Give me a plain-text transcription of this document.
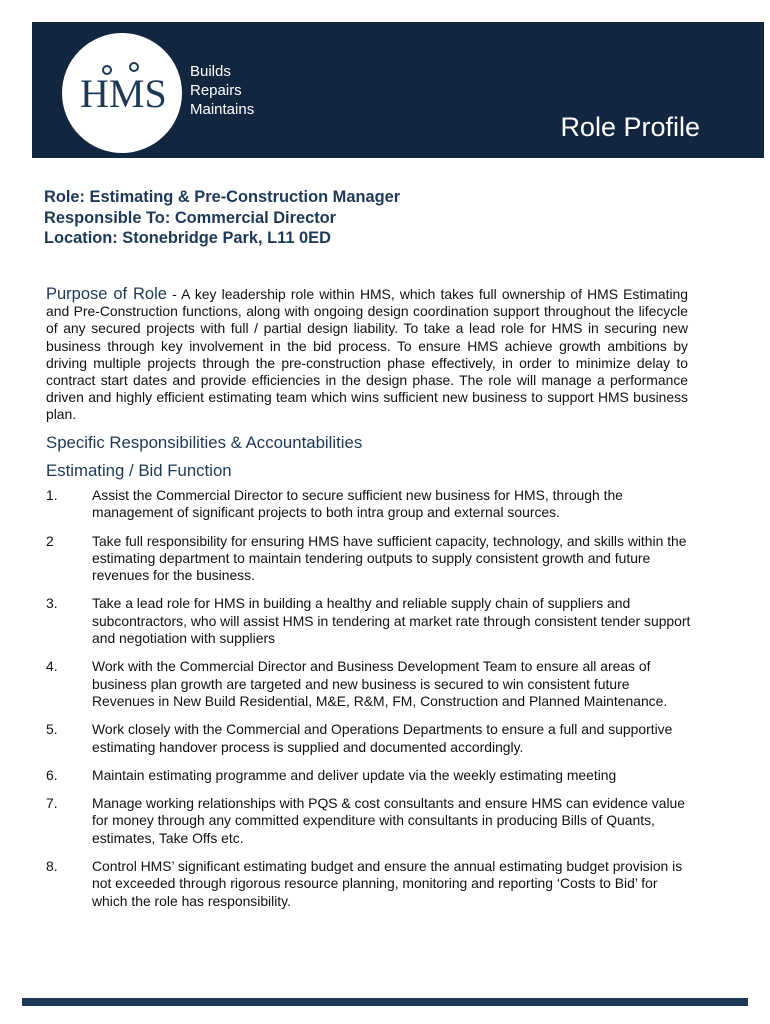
HMS Builds
Repairs
Maintains
Role Profile
Role: Estimating & Pre-Construction Manager
Responsible To: Commercial Director
Location: Stonebridge Park, L11 0ED
Purpose of Role - A key leadership role within HMS, which takes full ownership of HMS Estimating and Pre-Construction functions, along with ongoing design coordination support throughout the lifecycle of any secured projects with full / partial design liability. To take a lead role for HMS in securing new business through key involvement in the bid process. To ensure HMS achieve growth ambitions by driving multiple projects through the pre-construction phase effectively, in order to minimize delay to contract start dates and provide efficiencies in the design phase. The role will manage a performance driven and highly efficient estimating team which wins sufficient new business to support HMS business plan.
Specific Responsibilities & Accountabilities
Estimating / Bid Function
1. Assist the Commercial Director to secure sufficient new business for HMS, through the management of significant projects to both intra group and external sources.
2	Take full responsibility for ensuring HMS have sufficient capacity, technology, and skills within the estimating department to maintain tendering outputs to supply consistent growth and future revenues for the business.
3. Take a lead role for HMS in building a healthy and reliable supply chain of suppliers and subcontractors, who will assist HMS in tendering at market rate through consistent tender support and negotiation with suppliers
4. Work with the Commercial Director and Business Development Team to ensure all areas of business plan growth are targeted and new business is secured to win consistent future Revenues in New Build Residential, M&E, R&M, FM, Construction and Planned Maintenance.
5. Work closely with the Commercial and Operations Departments to ensure a full and supportive estimating handover process is supplied and documented accordingly.
6. Maintain estimating programme and deliver update via the weekly estimating meeting
7. Manage working relationships with PQS & cost consultants and ensure HMS can evidence value for money through any committed expenditure with consultants in producing Bills of Quants, estimates, Take Offs etc.
8. Control HMS’ significant estimating budget and ensure the annual estimating budget provision is not exceeded through rigorous resource planning, monitoring and reporting ‘Costs to Bid’ for which the role has responsibility.
